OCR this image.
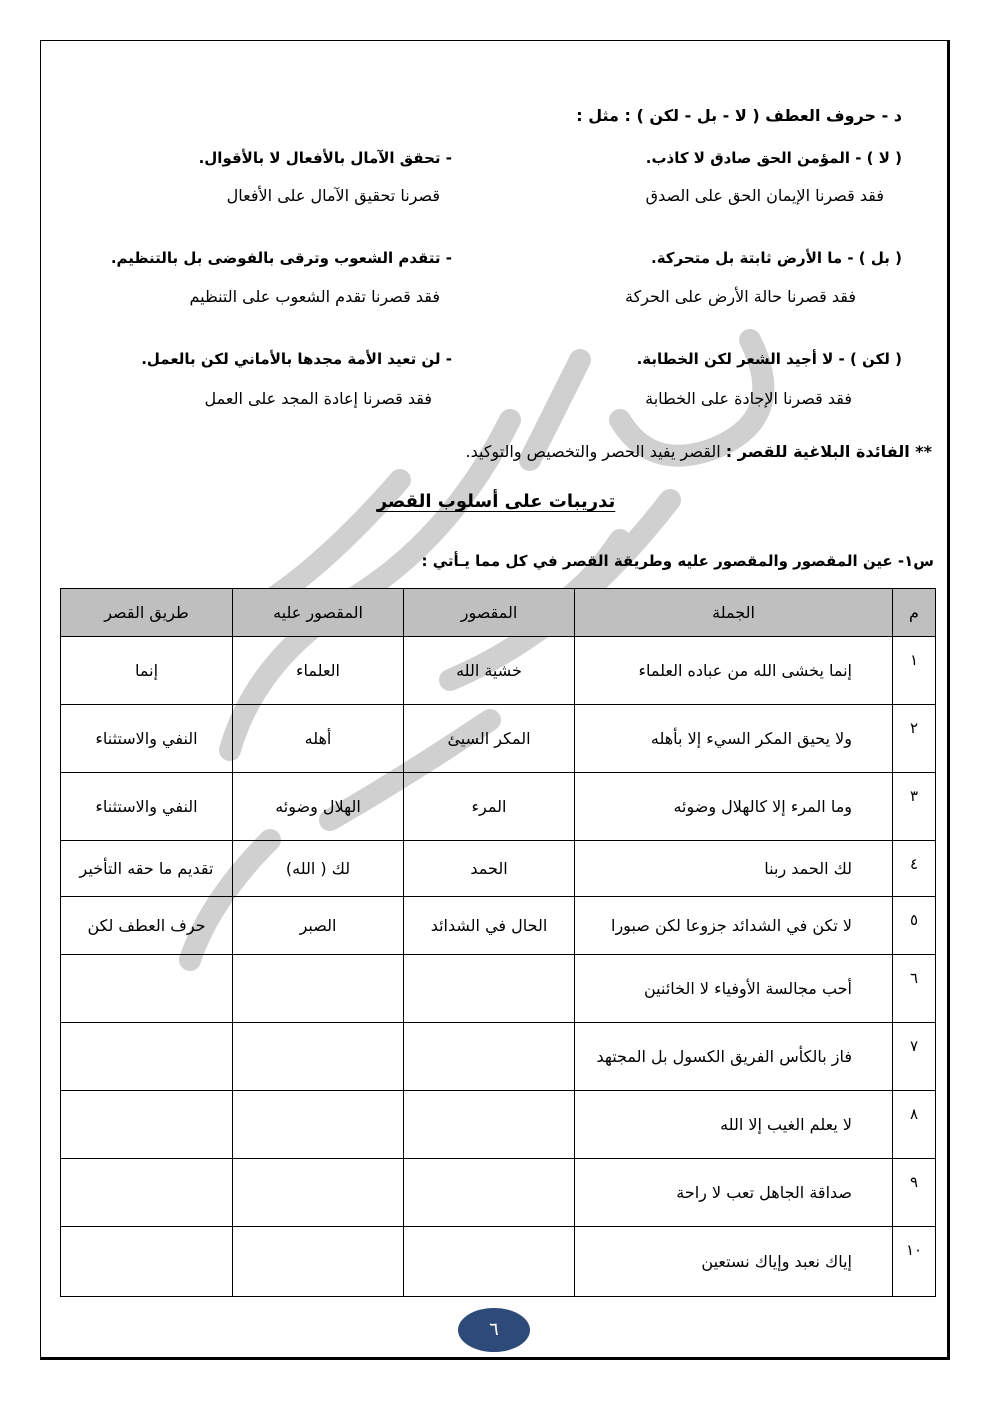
د - حروف العطف ( لا - بل - لكن ) : مثل :
( لا ) - المؤمن الحق صادق لا كاذب.
- تحقق الآمال بالأفعال لا بالأقوال.
فقد قصرنا الإيمان الحق على الصدق
قصرنا تحقيق الآمال على الأفعال
( بل ) - ما الأرض ثابتة بل متحركة.
- تتقدم الشعوب وترقى بالفوضى بل بالتنظيم.
فقد قصرنا حالة الأرض على الحركة
فقد قصرنا تقدم الشعوب على التنظيم
( لكن ) - لا أجيد الشعر لكن الخطابة.
- لن تعيد الأمة مجدها بالأماني لكن بالعمل.
فقد قصرنا الإجادة على الخطابة
فقد قصرنا إعادة المجد على العمل
** الفائدة البلاغية للقصر : القصر يفيد الحصر والتخصيص والتوكيد.
تدريبات على أسلوب القصر
س١- عين المقصور والمقصور عليه وطريقة القصر في كل مما يـأتي :
م	الجملة	المقصور	المقصور عليه	طريق القصر
١	إنما يخشى الله من عباده العلماء	خشية الله	العلماء	إنما
٢	ولا يحيق المكر السيء إلا بأهله	المكر السيئ	أهله	النفي والاستثناء
٣	وما المرء إلا كالهلال وضوئه	المرء	الهلال وضوئه	النفي والاستثناء
٤	لك الحمد ربنا	الحمد	لك ( الله)	تقديم ما حقه التأخير
٥	لا تكن في الشدائد جزوعا لكن صبورا	الحال في الشدائد	الصبر	حرف العطف لكن
٦	أحب مجالسة الأوفياء لا الخائنين			
٧	فاز بالكأس الفريق الكسول بل المجتهد			
٨	لا يعلم الغيب إلا الله			
٩	صداقة الجاهل تعب لا راحة			
١٠	إياك نعبد وإياك نستعين			
٦
